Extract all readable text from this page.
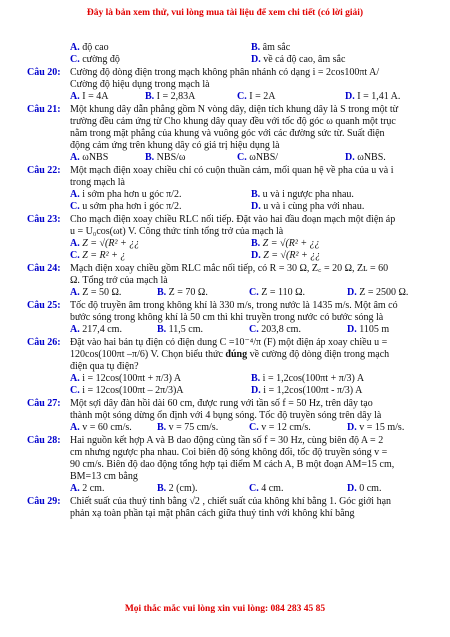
Đây là bản xem thử, vui lòng mua tài liệu để xem chi tiết (có lời giải)
A. độ cao	B. âm sắc
C. cường độ	D. về cả độ cao, âm sắc
Câu 20: Cường độ dòng điện trong mạch không phân nhánh có dạng i = 2cos100πt A/
Cường độ hiệu dụng trong mạch là
A. I = 4A	B. I = 2,83A	C. I = 2A	D. I = 1,41 A.
Câu 21: Một khung dây dẫn phẳng gồm N vòng dây, diện tích khung dây là S trong một từ
trường đều cảm ứng từ Cho khung dây quay đều với tốc độ góc ω quanh một trục
nằm trong mặt phẳng của khung và vuông góc với các đường sức từ. Suất điện
động cảm ứng trên khung dây có giá trị hiệu dụng là
A. ωNBS	B. NBS/ω	C. ωNBS/	D. ωNBS.
Câu 22: Một mạch điện xoay chiều chỉ có cuộn thuần cảm, mối quan hệ về pha của u và i
trong mạch là
A. i sớm pha hơn u góc π/2.	B. u và i ngược pha nhau.
C. u sớm pha hơn i góc π/2.	D. u và i cùng pha với nhau.
Câu 23: Cho mạch điện xoay chiều RLC nối tiếp. Đặt vào hai đầu đoạn mạch một điện áp
u = U₀cos(ωt) V. Công thức tính tổng trở của mạch là
A. Z = √(R² + ¿¿	B. Z = √(R² + ¿¿
C. Z = R² + ¿	D. Z = √(R² + ¿¿
Câu 24: Mạch điện xoay chiều gồm RLC mắc nối tiếp, có R = 30 Ω, Z꜀ = 20 Ω, Zʟ = 60
Ω. Tổng trở của mạch là
A. Z = 50 Ω.	B. Z = 70 Ω.	C. Z = 110 Ω.	D. Z = 2500 Ω.
Câu 25: Tốc độ truyền âm trong không khí là 330 m/s, trong nước là 1435 m/s. Một âm có
bước sóng trong không khí là 50 cm thì khi truyền trong nước có bước sóng là
A. 217,4 cm.	B. 11,5 cm.	C. 203,8 cm.	D. 1105 m
Câu 26: Đặt vào hai bản tụ điện có điện dung C =10⁻⁴/π (F) một điện áp xoay chiều u =
120cos(100πt –π/6) V. Chọn biểu thức đúng về cường độ dòng điện trong mạch
điện qua tụ điện?
A. i = 12cos(100πt + π/3) A	B. i = 1,2cos(100πt + π/3) A
C. i = 12cos(100πt – 2π/3)A	D. i = 1,2cos(100πt - π/3) A
Câu 27: Một sợi dây đàn hồi dài 60 cm, được rung với tần số f = 50 Hz, trên dây tạo
thành một sóng dừng ổn định với 4 bụng sóng. Tốc độ truyền sóng trên dây là
A. v = 60 cm/s.	B. v = 75 cm/s.	C. v = 12 cm/s.	D. v = 15 m/s.
Câu 28: Hai nguồn kết hợp A và B dao động cùng tần số f = 30 Hz, cùng biên độ A = 2
cm nhưng ngược pha nhau. Coi biên độ sóng không đổi, tốc độ truyền sóng v =
90 cm/s. Biên độ dao động tổng hợp tại điểm M cách A, B một đoạn AM=15 cm,
BM=13 cm bằng
A. 2 cm.	B. 2 (cm).	C. 4 cm.	D. 0 cm.
Câu 29: Chiết suất của thuỷ tinh bằng √2 , chiết suất của không khí bằng 1. Góc giới hạn
phản xạ toàn phần tại mặt phân cách giữa thuỷ tinh với không khí bằng
Mọi thắc mắc vui lòng xin vui lòng: 084 283 45 85
